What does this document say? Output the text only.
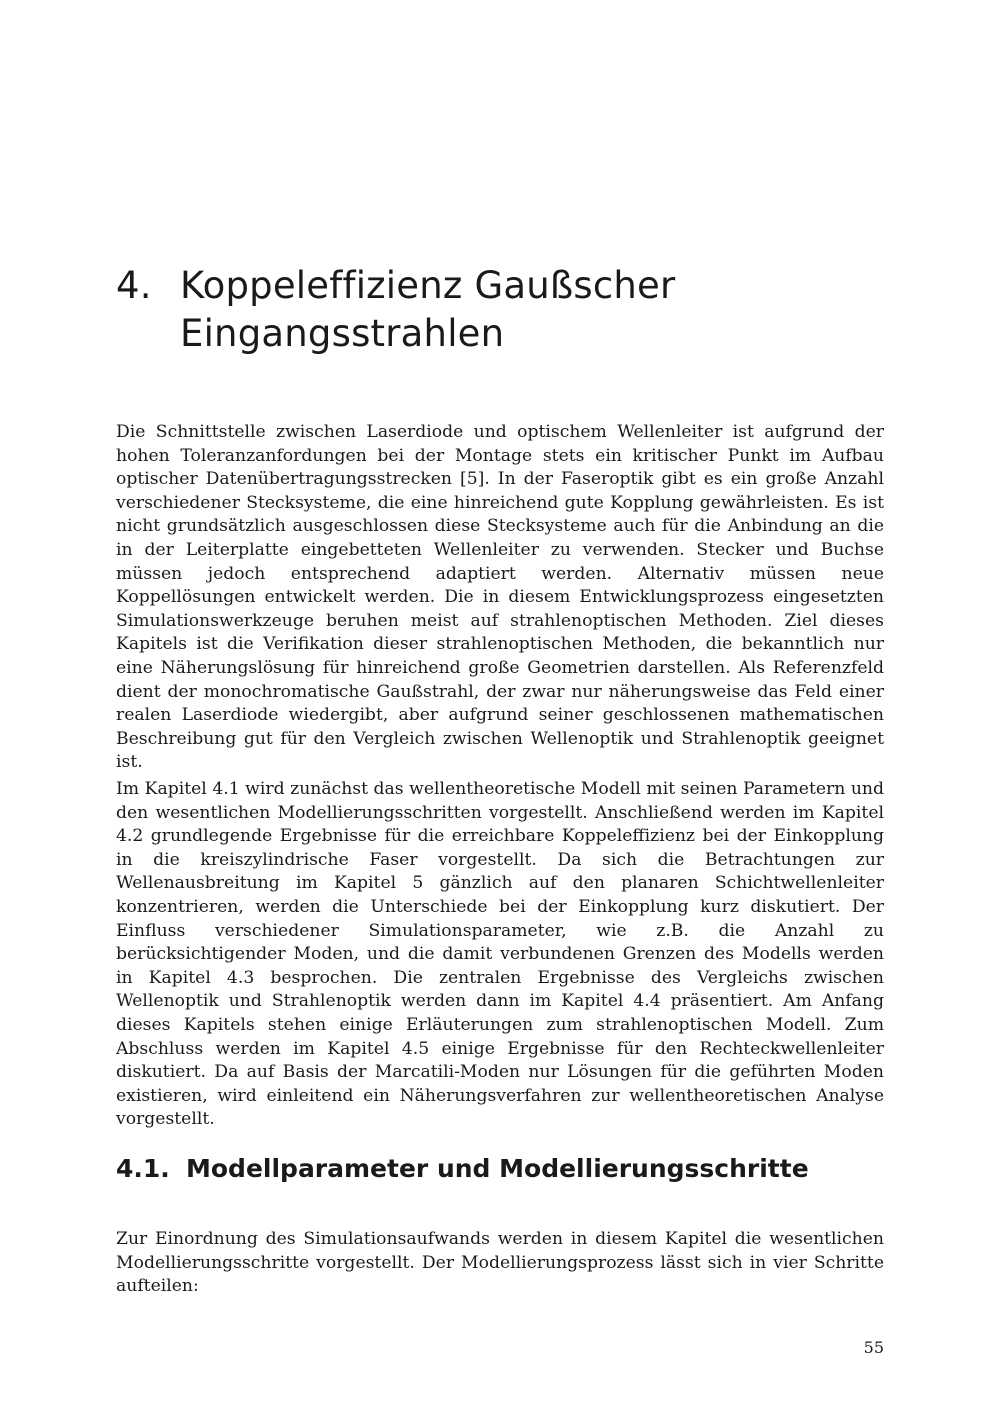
4. Koppeleffizienz Gaußscher
Eingangsstrahlen

Die Schnittstelle zwischen Laserdiode und optischem Wellenleiter ist aufgrund der hohen Toleranzanfordungen bei der Montage stets ein kritischer Punkt im Aufbau optischer Datenübertragungsstrecken [5]. In der Faseroptik gibt es ein große Anzahl verschiedener Stecksysteme, die eine hinreichend gute Kopplung gewährleisten. Es ist nicht grundsätzlich ausgeschlossen diese Stecksysteme auch für die Anbindung an die in der Leiterplatte eingebetteten Wellenleiter zu verwenden. Stecker und Buchse müssen jedoch entsprechend adaptiert werden. Alternativ müssen neue Koppellösungen entwickelt werden. Die in diesem Entwicklungsprozess eingesetzten Simulationswerkzeuge beruhen meist auf strahlenoptischen Methoden. Ziel dieses Kapitels ist die Verifikation dieser strahlenoptischen Methoden, die bekanntlich nur eine Näherungslösung für hinreichend große Geometrien darstellen. Als Referenzfeld dient der monochromatische Gaußstrahl, der zwar nur näherungsweise das Feld einer realen Laserdiode wiedergibt, aber aufgrund seiner geschlossenen mathematischen Beschreibung gut für den Vergleich zwischen Wellenoptik und Strahlenoptik geeignet ist.

Im Kapitel 4.1 wird zunächst das wellentheoretische Modell mit seinen Parametern und den wesentlichen Modellierungsschritten vorgestellt. Anschließend werden im Kapitel 4.2 grundlegende Ergebnisse für die erreichbare Koppeleffizienz bei der Einkopplung in die kreiszylindrische Faser vorgestellt. Da sich die Betrachtungen zur Wellenausbreitung im Kapitel 5 gänzlich auf den planaren Schichtwellenleiter konzentrieren, werden die Unterschiede bei der Einkopplung kurz diskutiert. Der Einfluss verschiedener Simulationsparameter, wie z.B. die Anzahl zu berücksichtigender Moden, und die damit verbundenen Grenzen des Modells werden in Kapitel 4.3 besprochen. Die zentralen Ergebnisse des Vergleichs zwischen Wellenoptik und Strahlenoptik werden dann im Kapitel 4.4 präsentiert. Am Anfang dieses Kapitels stehen einige Erläuterungen zum strahlenoptischen Modell. Zum Abschluss werden im Kapitel 4.5 einige Ergebnisse für den Rechteckwellenleiter diskutiert. Da auf Basis der Marcatili-Moden nur Lösungen für die geführten Moden existieren, wird einleitend ein Näherungsverfahren zur wellentheoretischen Analyse vorgestellt.

4.1. Modellparameter und Modellierungsschritte

Zur Einordnung des Simulationsaufwands werden in diesem Kapitel die wesentlichen Modellierungsschritte vorgestellt. Der Modellierungsprozess lässt sich in vier Schritte aufteilen:

55
